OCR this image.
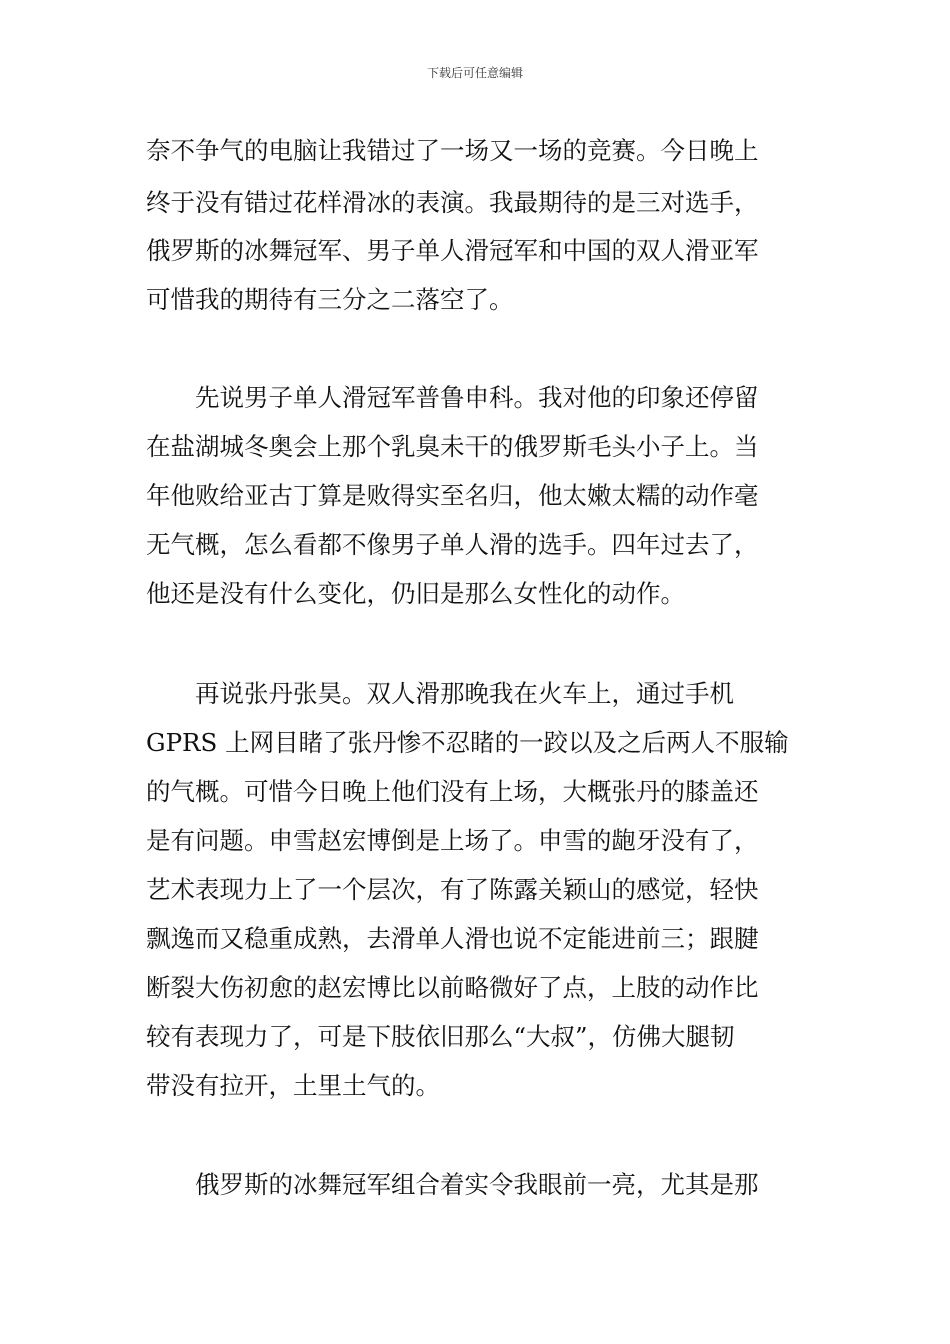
下载后可任意编辑
奈不争气的电脑让我错过了一场又一场的竞赛。今日晚上
终于没有错过花样滑冰的表演。我最期待的是三对选手，
俄罗斯的冰舞冠军、男子单人滑冠军和中国的双人滑亚军
可惜我的期待有三分之二落空了。
　　先说男子单人滑冠军普鲁申科。我对他的印象还停留
在盐湖城冬奥会上那个乳臭未干的俄罗斯毛头小子上。当
年他败给亚古丁算是败得实至名归，他太嫩太糯的动作毫
无气概，怎么看都不像男子单人滑的选手。四年过去了，
他还是没有什么变化，仍旧是那么女性化的动作。
　　再说张丹张昊。双人滑那晚我在火车上，通过手机
GPRS 上网目睹了张丹惨不忍睹的一跤以及之后两人不服输
的气概。可惜今日晚上他们没有上场，大概张丹的膝盖还
是有问题。申雪赵宏博倒是上场了。申雪的龅牙没有了，
艺术表现力上了一个层次，有了陈露关颖山的感觉，轻快
飘逸而又稳重成熟，去滑单人滑也说不定能进前三；跟腱
断裂大伤初愈的赵宏博比以前略微好了点，上肢的动作比
较有表现力了，可是下肢依旧那么“大叔”，仿佛大腿韧
带没有拉开，土里土气的。
　　俄罗斯的冰舞冠军组合着实令我眼前一亮，尤其是那
